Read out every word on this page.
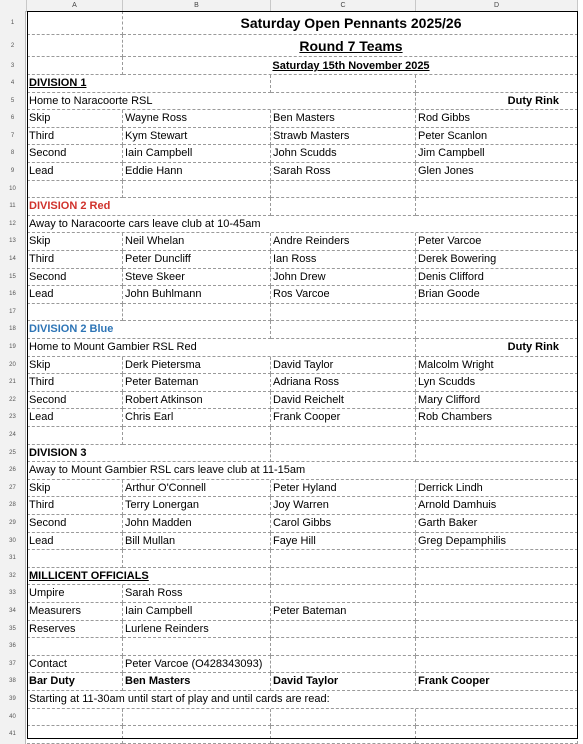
A	B	C	D
1	Saturday Open Pennants 2025/26
2	Round 7 Teams
3	Saturday 15th November 2025
4	DIVISION 1
5	Home to Naracoorte RSL	Duty Rink
6	Skip	Wayne Ross	Ben Masters	Rod Gibbs
7	Third	Kym Stewart	Strawb Masters	Peter Scanlon
8	Second	Iain Campbell	John Scudds	Jim Campbell
9	Lead	Eddie Hann	Sarah Ross	Glen Jones
10
11	DIVISION 2 Red
12	Away to Naracoorte cars leave club at 10-45am
13	Skip	Neil Whelan	Andre Reinders	Peter Varcoe
14	Third	Peter Duncliff	Ian Ross	Derek Bowering
15	Second	Steve Skeer	John Drew	Denis Clifford
16	Lead	John Buhlmann	Ros Varcoe	Brian Goode
17
18	DIVISION 2 Blue
19	Home to Mount Gambier RSL Red	Duty Rink
20	Skip	Derk Pietersma	David Taylor	Malcolm Wright
21	Third	Peter Bateman	Adriana Ross	Lyn Scudds
22	Second	Robert Atkinson	David Reichelt	Mary Clifford
23	Lead	Chris Earl	Frank Cooper	Rob Chambers
24
25	DIVISION 3
26	Away to Mount Gambier RSL cars leave club at 11-15am
27	Skip	Arthur O'Connell	Peter Hyland	Derrick Lindh
28	Third	Terry Lonergan	Joy Warren	Arnold Damhuis
29	Second	John Madden	Carol Gibbs	Garth Baker
30	Lead	Bill Mullan	Faye Hill	Greg Depamphilis
31
32	MILLICENT OFFICIALS
33	Umpire	Sarah Ross
34	Measurers	Iain Campbell	Peter Bateman
35	Reserves	Lurlene Reinders
36
37	Contact	Peter Varcoe (O428343093)
38	Bar Duty	Ben Masters	David Taylor	Frank Cooper
39	Starting at 11-30am until start of play and until cards are read:
40
41
